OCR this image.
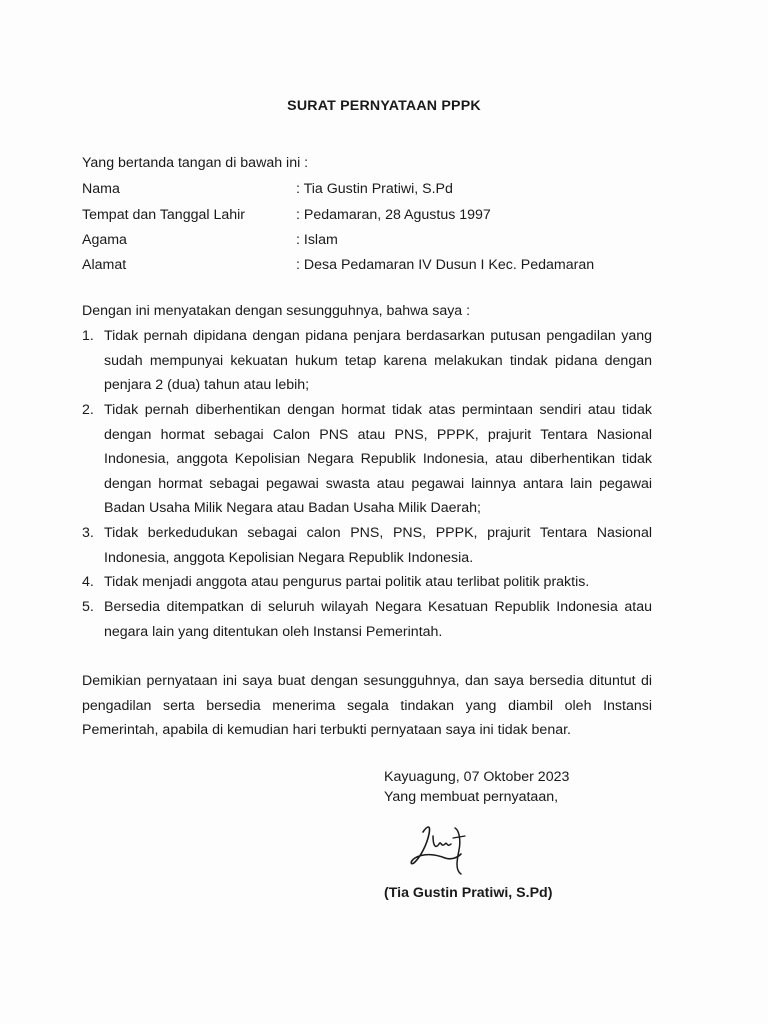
SURAT PERNYATAAN PPPK
Yang bertanda tangan di bawah ini :
Nama	: Tia Gustin Pratiwi, S.Pd
Tempat dan Tanggal Lahir	: Pedamaran, 28 Agustus 1997
Agama	: Islam
Alamat	: Desa Pedamaran IV Dusun I Kec. Pedamaran
Dengan ini menyatakan dengan sesungguhnya, bahwa saya :
1. Tidak pernah dipidana dengan pidana penjara berdasarkan putusan pengadilan yang sudah mempunyai kekuatan hukum tetap karena melakukan tindak pidana dengan penjara 2 (dua) tahun atau lebih;
2. Tidak pernah diberhentikan dengan hormat tidak atas permintaan sendiri atau tidak dengan hormat sebagai Calon PNS atau PNS, PPPK, prajurit Tentara Nasional Indonesia, anggota Kepolisian Negara Republik Indonesia, atau diberhentikan tidak dengan hormat sebagai pegawai swasta atau pegawai lainnya antara lain pegawai Badan Usaha Milik Negara atau Badan Usaha Milik Daerah;
3. Tidak berkedudukan sebagai calon PNS, PNS, PPPK, prajurit Tentara Nasional Indonesia, anggota Kepolisian Negara Republik Indonesia.
4. Tidak menjadi anggota atau pengurus partai politik atau terlibat politik praktis.
5. Bersedia ditempatkan di seluruh wilayah Negara Kesatuan Republik Indonesia atau negara lain yang ditentukan oleh Instansi Pemerintah.
Demikian pernyataan ini saya buat dengan sesungguhnya, dan saya bersedia dituntut di pengadilan serta bersedia menerima segala tindakan yang diambil oleh Instansi Pemerintah, apabila di kemudian hari terbukti pernyataan saya ini tidak benar.
Kayuagung, 07 Oktober 2023
Yang membuat pernyataan,
(Tia Gustin Pratiwi, S.Pd)
